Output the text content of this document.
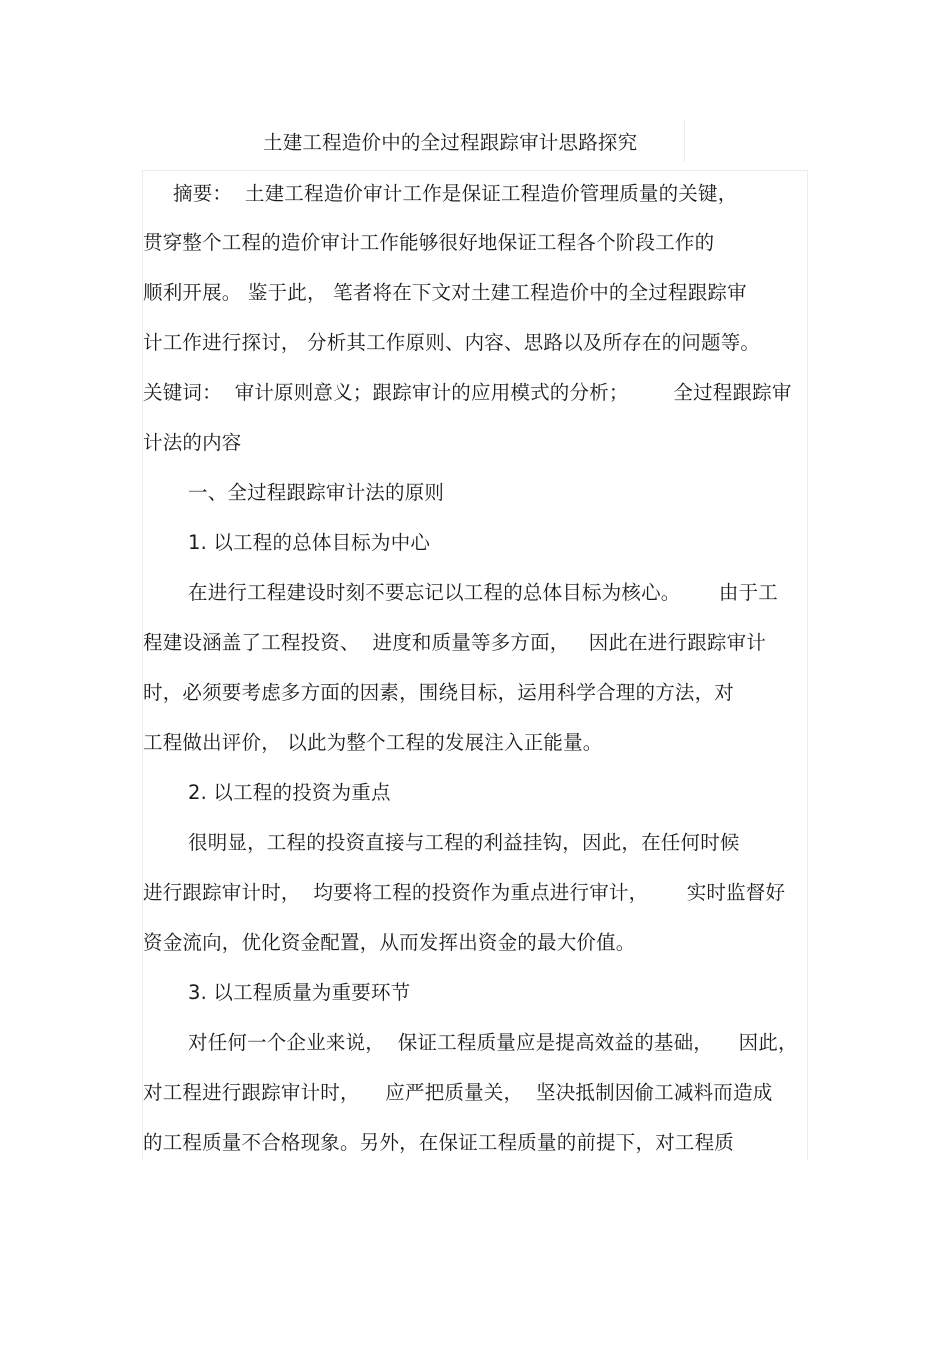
土建工程造价中的全过程跟踪审计思路探究
摘要：  土建工程造价审计工作是保证工程造价管理质量的关键，
贯穿整个工程的造价审计工作能够很好地保证工程各个阶段工作的
顺利开展。 鉴于此， 笔者将在下文对土建工程造价中的全过程跟踪审
计工作进行探讨， 分析其工作原则、内容、思路以及所存在的问题等。
关键词：  审计原则意义；跟踪审计的应用模式的分析；       全过程跟踪审
计法的内容
一、全过程跟踪审计法的原则
1. 以工程的总体目标为中心
在进行工程建设时刻不要忘记以工程的总体目标为核心。      由于工
程建设涵盖了工程投资、  进度和质量等多方面，   因此在进行跟踪审计
时，必须要考虑多方面的因素，围绕目标，运用科学合理的方法，对
工程做出评价， 以此为整个工程的发展注入正能量。
2. 以工程的投资为重点
很明显，工程的投资直接与工程的利益挂钩，因此，在任何时候
进行跟踪审计时，  均要将工程的投资作为重点进行审计，      实时监督好
资金流向，优化资金配置，从而发挥出资金的最大价值。
3. 以工程质量为重要环节
对任何一个企业来说，  保证工程质量应是提高效益的基础，    因此，
对工程进行跟踪审计时，    应严把质量关，  坚决抵制因偷工减料而造成
的工程质量不合格现象。另外，在保证工程质量的前提下，对工程质
